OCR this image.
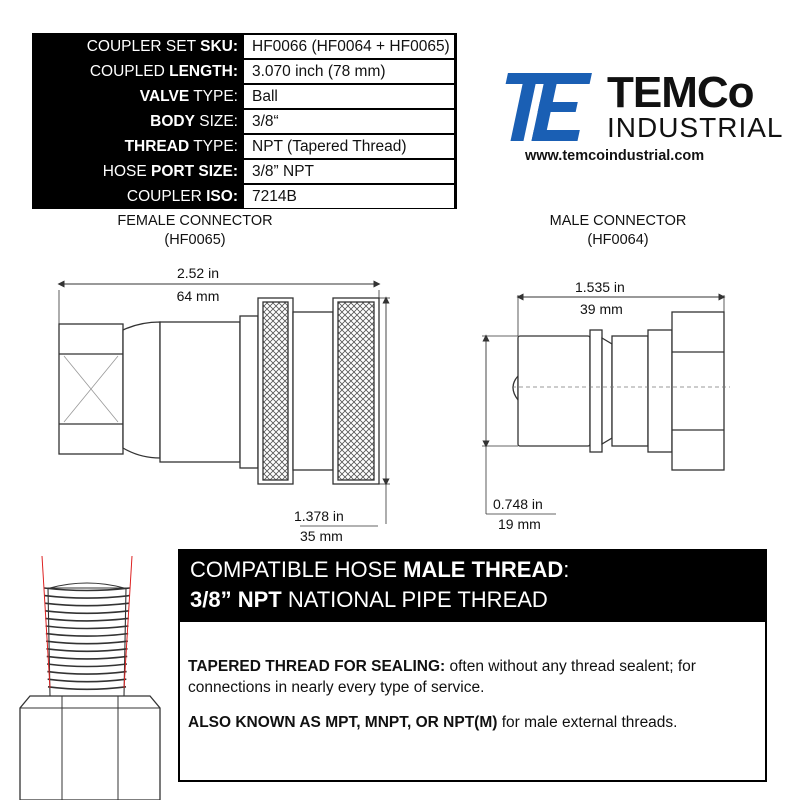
COUPLER SET SKU: HF0066 (HF0064 + HF0065)
COUPLED LENGTH: 3.070 inch (78 mm)
VALVE TYPE: Ball
BODY SIZE: 3/8“
THREAD TYPE: NPT (Tapered Thread)
HOSE PORT SIZE: 3/8” NPT
COUPLER ISO: 7214B
TEMCo
INDUSTRIAL
www.temcoindustrial.com
FEMALE CONNECTOR
(HF0065)
MALE CONNECTOR
(HF0064)
2.52 in
64 mm
1.378 in
35 mm
1.535 in
39 mm
0.748 in
19 mm
COMPATIBLE HOSE MALE THREAD:
3/8” NPT NATIONAL PIPE THREAD
TAPERED THREAD FOR SEALING: often without any thread sealent; for connections in nearly every type of service.
ALSO KNOWN AS MPT, MNPT, OR NPT(M) for male external threads.
